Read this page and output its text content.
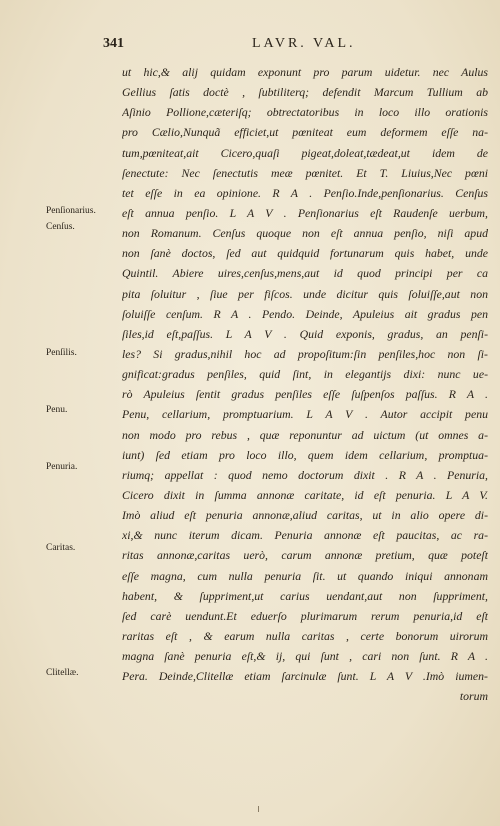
341	LAVR. VAL.
Penſionarius.
Cenſus.
Penſilis.
Penu.
Penuria.
Caritas.
Clitellæ.
ut hic,& alij quidam exponunt pro parum uidetur. nec Aulus
Gellius ſatis doctè , ſubtiliterq; defendit Marcum Tullium ab
Aſinio Pollione,cæteriſq; obtrectatoribus in loco illo orationis
pro Cælio,Nunquã efficiet,ut pœniteat eum deformem eſſe na-
tum,pœniteat,ait Cicero,quaſi pigeat,doleat,tædeat,ut idem de
ſenectute: Nec ſenectutis meæ pœnitet. Et T. Liuius,Nec pœni
tet eſſe in ea opinione. R A . Penſio.Inde,penſionarius. Cenſus
eſt annua penſio. L A V . Penſionarius eſt Raudenſe uerbum,
non Romanum. Cenſus quoque non eſt annua penſio, niſi apud
non ſanè doctos, ſed aut quidquid fortunarum quis habet, unde
Quintil. Abiere uires,cenſus,mens,aut id quod principi per ca
pita ſoluitur , ſiue per fiſcos. unde dicitur quis ſoluiſſe,aut non
ſoluiſſe cenſum. R A . Pendo. Deinde, Apuleius ait gradus pen
ſiles,id eſt,paſſus. L A V . Quid exponis, gradus, an penſi-
les? Si gradus,nihil hoc ad propoſitum:ſin penſiles,hoc non ſi-
gnificat:gradus penſiles, quid ſint, in elegantijs dixi: nunc ue-
rò Apuleius ſentit gradus penſiles eſſe ſuſpenſos paſſus. R A .
Penu, cellarium, promptuarium. L A V . Autor accipit penu
non modo pro rebus , quæ reponuntur ad uictum (ut omnes a-
iunt) ſed etiam pro loco illo, quem idem cellarium, promptua-
riumq; appellat : quod nemo doctorum dixit . R A . Penuria,
Cicero dixit in ſumma annonæ caritate, id eſt penuria. L A V.
Imò aliud eſt penuria annonæ,aliud caritas, ut in alio opere di-
xi,& nunc iterum dicam. Penuria annonæ eſt paucitas, ac ra-
ritas annonæ,caritas uerò, carum annonæ pretium, quæ poteſt
eſſe magna, cum nulla penuria ſit. ut quando iniqui annonam
habent, & ſuppriment,ut carius uendant,aut non ſuppriment,
ſed carè uendunt.Et eduerſo plurimarum rerum penuria,id eſt
raritas eſt , & earum nulla caritas , certe bonorum uirorum
magna ſanè penuria eſt,& ij, qui ſunt , cari non ſunt. R A .
Pera. Deinde,Clitellæ etiam ſarcinulæ ſunt. L A V .Imò iumen-
torum
